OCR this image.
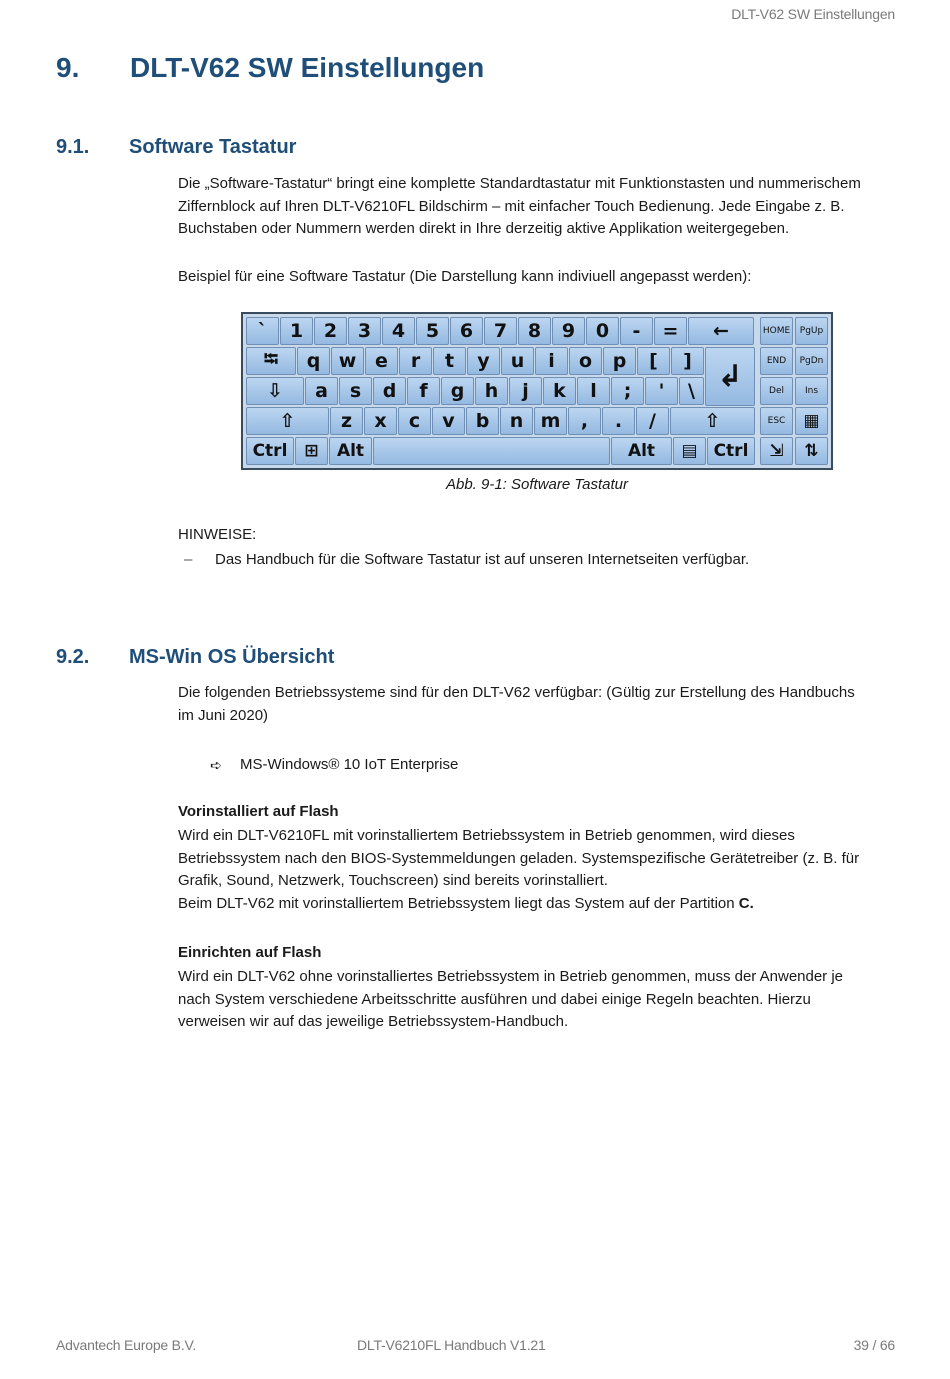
DLT-V62 SW Einstellungen
9. DLT-V62 SW Einstellungen
9.1. Software Tastatur
Die „Software-Tastatur“ bringt eine komplette Standardtastatur mit Funktionstasten und nummerischem
Ziffernblock auf Ihren DLT-V6210FL Bildschirm – mit einfacher Touch Bedienung. Jede Eingabe z. B.
Buchstaben oder Nummern werden direkt in Ihre derzeitig aktive Applikation weitergegeben.
Beispiel für eine Software Tastatur (Die Darstellung kann indiviuell angepasst werden):
`	1	2	3	4	5	6	7	8	9	0	-	=	←	HOME	PgUp
⭾	q w e	r	t	y	u	i	o	p	[	] ↲	END	PgDn
⇩	a	s	d	f	g	h	j	k	l	;	'	\	Del	Ins
⇧	z	x	c	v	b	n m	,	.	/	⇧	ESC	▦
Ctrl ⊞	Alt	Alt	▤ Ctrl	⇲	⇅
Abb. 9-1: Software Tastatur
HINWEISE:
–	Das Handbuch für die Software Tastatur ist auf unseren Internetseiten verfügbar.
9.2. MS-Win OS Übersicht
Die folgenden Betriebssysteme sind für den DLT-V62 verfügbar: (Gültig zur Erstellung des Handbuchs
im Juni 2020)
➪	MS-Windows® 10 IoT Enterprise
Vorinstalliert auf Flash
Wird ein DLT-V6210FL mit vorinstalliertem Betriebssystem in Betrieb genommen, wird dieses
Betriebssystem nach den BIOS-Systemmeldungen geladen. Systemspezifische Gerätetreiber (z. B. für
Grafik, Sound, Netzwerk, Touchscreen) sind bereits vorinstalliert.
Beim DLT-V62 mit vorinstalliertem Betriebssystem liegt das System auf der Partition C.
Einrichten auf Flash
Wird ein DLT-V62 ohne vorinstalliertes Betriebssystem in Betrieb genommen, muss der Anwender je
nach System verschiedene Arbeitsschritte ausführen und dabei einige Regeln beachten. Hierzu
verweisen wir auf das jeweilige Betriebssystem-Handbuch.
Advantech Europe B.V.	DLT-V6210FL Handbuch V1.21	39 / 66
